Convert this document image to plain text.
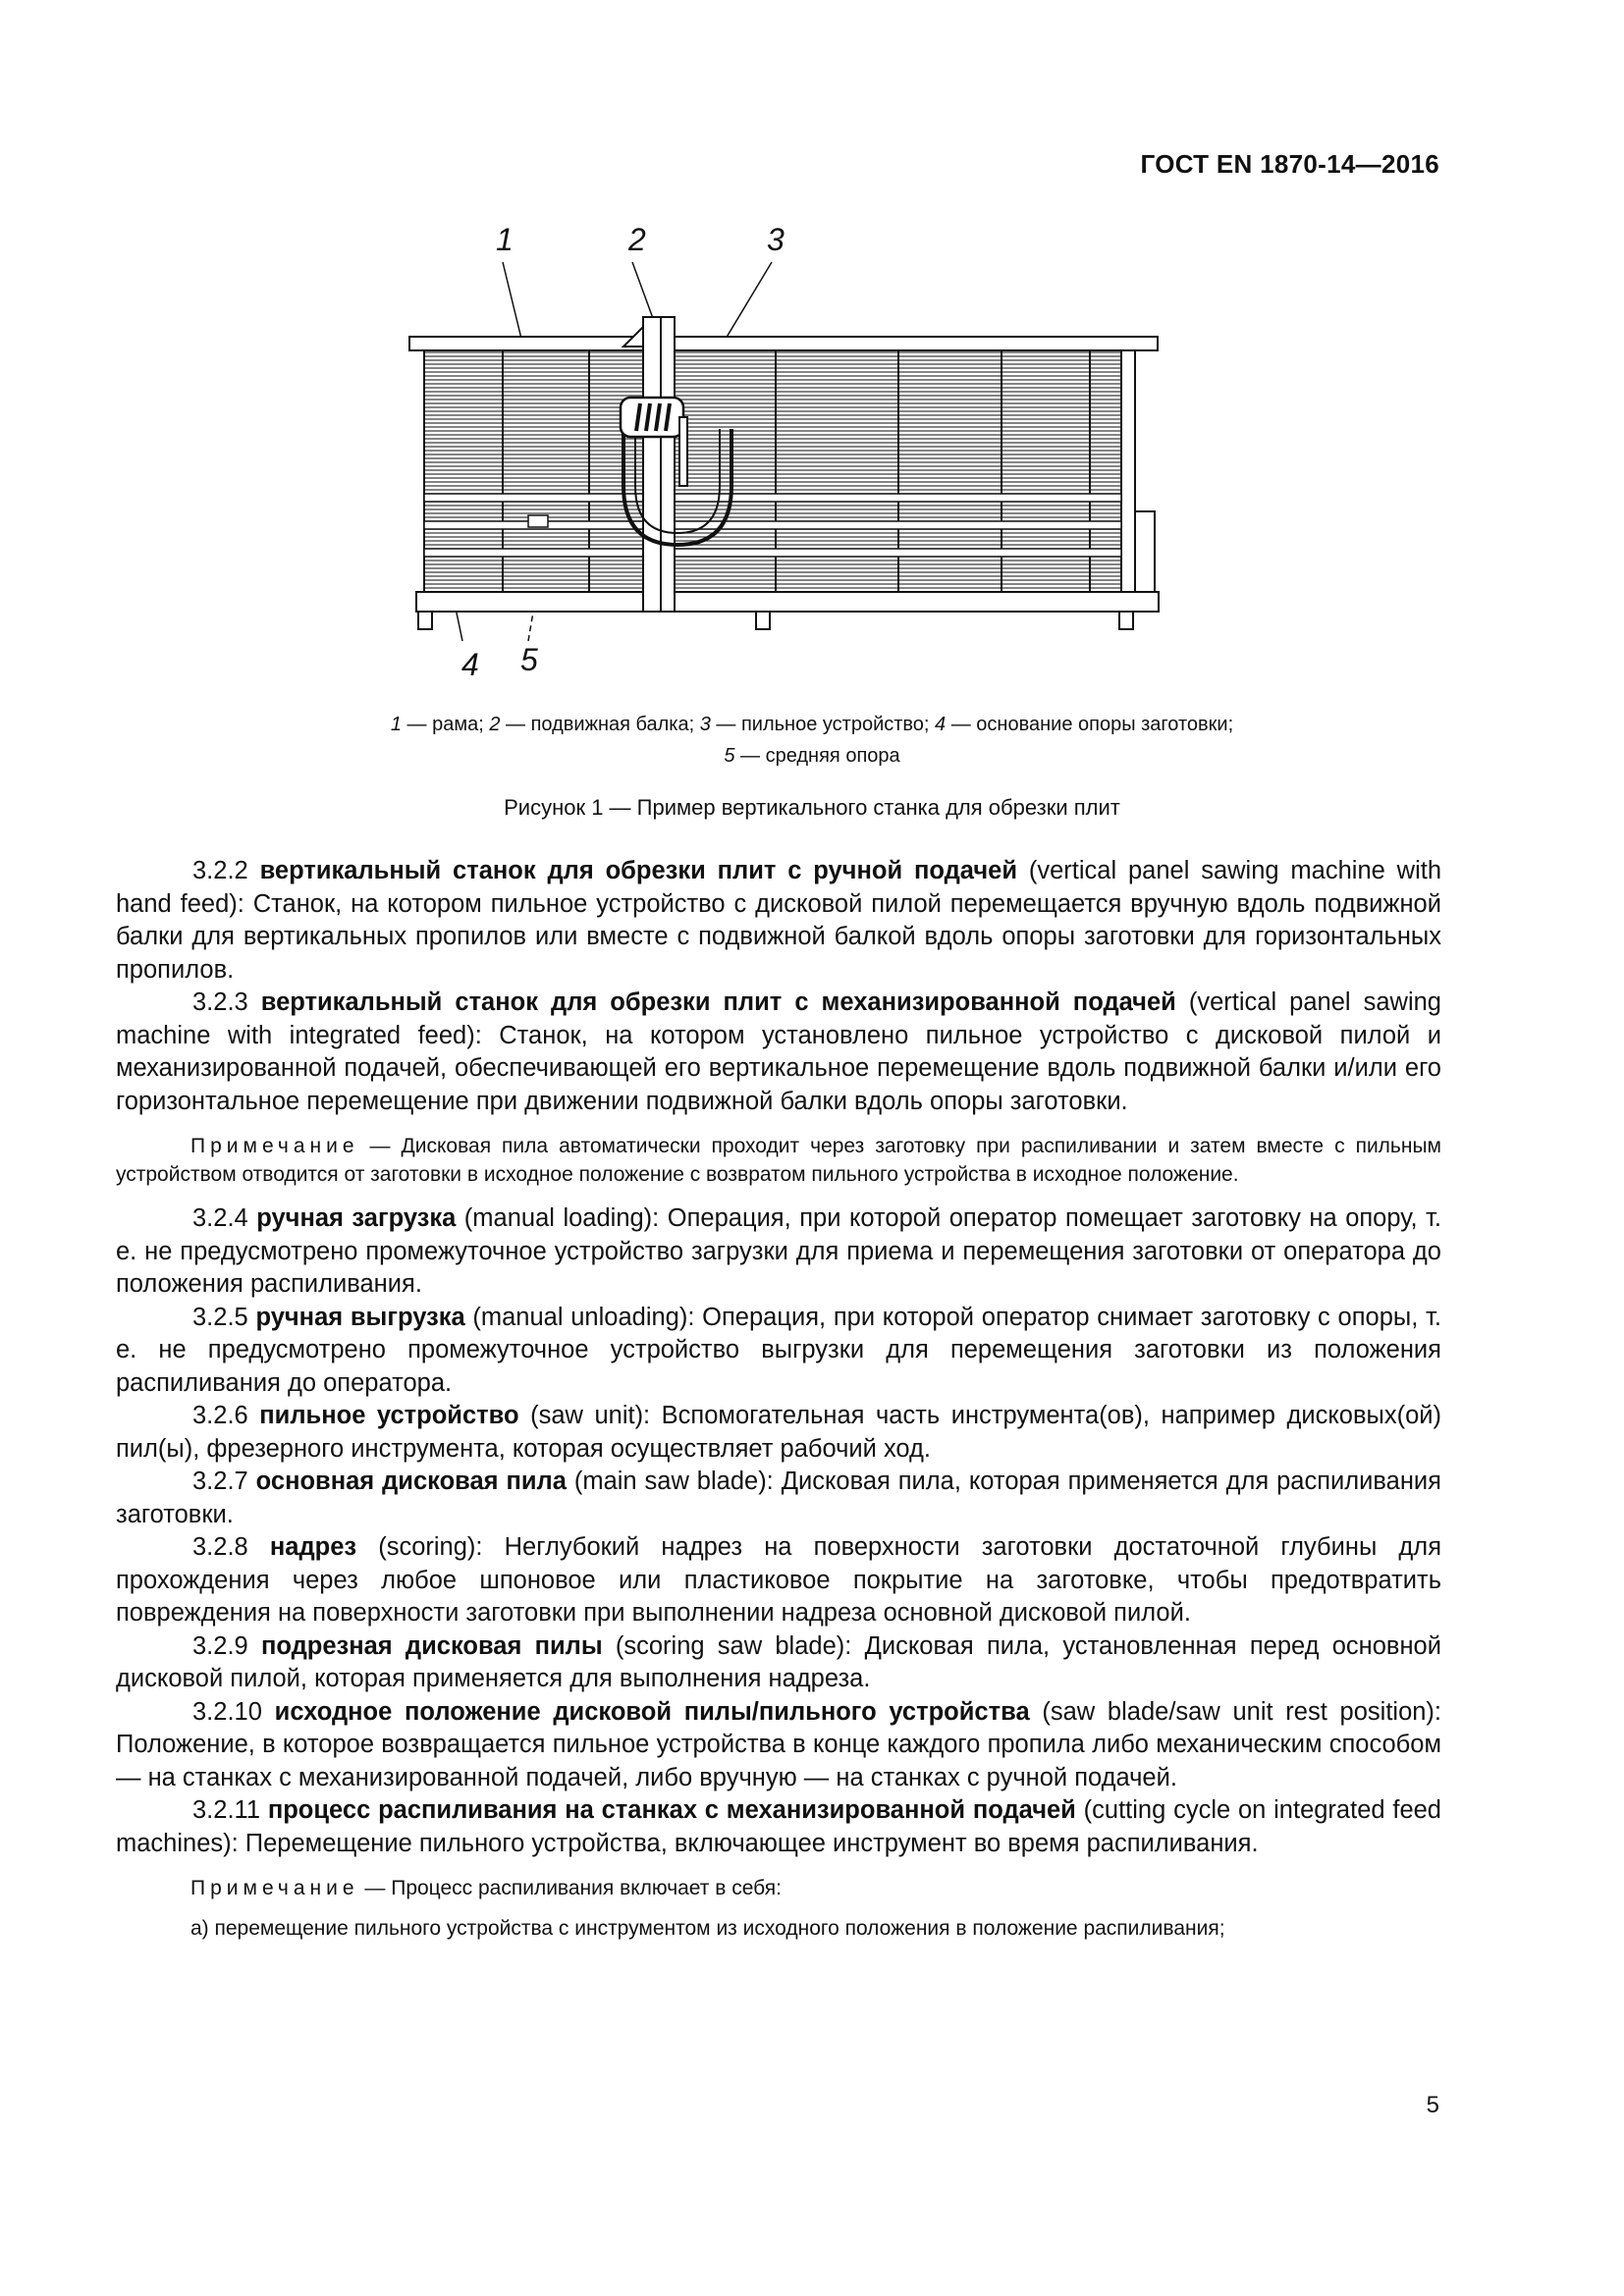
ГОСТ EN 1870-14—2016
1	2	3
4 5
1 — рама; 2 — подвижная балка; 3 — пильное устройство; 4 — основание опоры заготовки;
5 — средняя опора
Рисунок 1 — Пример вертикального станка для обрезки плит

3.2.2 вертикальный станок для обрезки плит с ручной подачей (vertical panel sawing machine with hand feed): Станок, на котором пильное устройство с дисковой пилой перемещается вручную вдоль подвижной балки для вертикальных пропилов или вместе с подвижной балкой вдоль опоры заготовки для горизонтальных пропилов.

3.2.3 вертикальный станок для обрезки плит с механизированной подачей (vertical panel sawing machine with integrated feed): Станок, на котором установлено пильное устройство с дисковой пилой и механизированной подачей, обеспечивающей его вертикальное перемещение вдоль подвижной балки и/или его горизонтальное перемещение при движении подвижной балки вдоль опоры заготовки.

Примечание — Дисковая пила автоматически проходит через заготовку при распиливании и затем вместе с пильным устройством отводится от заготовки в исходное положение с возвратом пильного устройства в исходное положение.

3.2.4 ручная загрузка (manual loading): Операция, при которой оператор помещает заготовку на опору, т. е. не предусмотрено промежуточное устройство загрузки для приема и перемещения заготовки от оператора до положения распиливания.

3.2.5 ручная выгрузка (manual unloading): Операция, при которой оператор снимает заготовку с опоры, т. е. не предусмотрено промежуточное устройство выгрузки для перемещения заготовки из положения распиливания до оператора.

3.2.6 пильное устройство (saw unit): Вспомогательная часть инструмента(ов), например дисковых(ой) пил(ы), фрезерного инструмента, которая осуществляет рабочий ход.

3.2.7 основная дисковая пила (main saw blade): Дисковая пила, которая применяется для распиливания заготовки.

3.2.8 надрез (scoring): Неглубокий надрез на поверхности заготовки достаточной глубины для прохождения через любое шпоновое или пластиковое покрытие на заготовке, чтобы предотвратить повреждения на поверхности заготовки при выполнении надреза основной дисковой пилой.

3.2.9 подрезная дисковая пилы (scoring saw blade): Дисковая пила, установленная перед основной дисковой пилой, которая применяется для выполнения надреза.

3.2.10 исходное положение дисковой пилы/пильного устройства (saw blade/saw unit rest position): Положение, в которое возвращается пильное устройства в конце каждого пропила либо механическим способом — на станках с механизированной подачей, либо вручную — на станках с ручной подачей.

3.2.11 процесс распиливания на станках с механизированной подачей (cutting cycle on integrated feed machines): Перемещение пильного устройства, включающее инструмент во время распиливания.

Примечание — Процесс распиливания включает в себя:

а) перемещение пильного устройства с инструментом из исходного положения в положение распиливания;

5
